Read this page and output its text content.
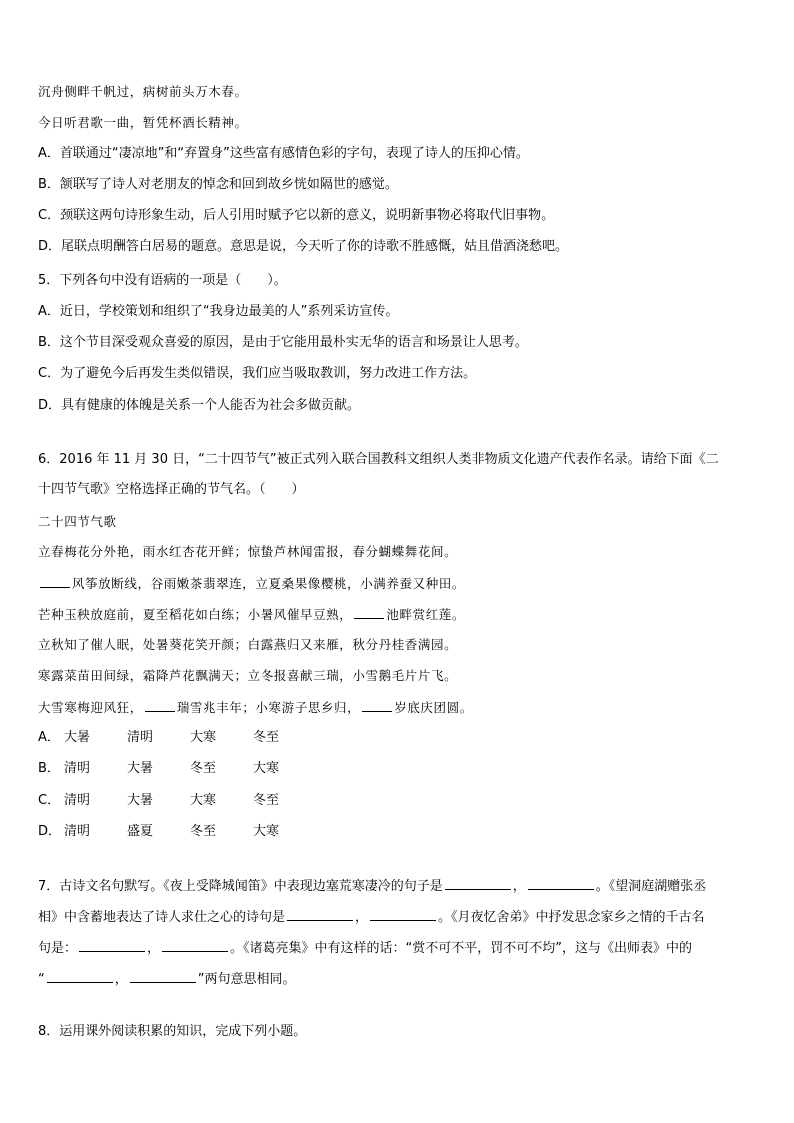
沉舟侧畔千帆过，病树前头万木春。

今日听君歌一曲，暂凭杯酒长精神。

A．首联通过“凄凉地”和“弃置身”这些富有感情色彩的字句，表现了诗人的压抑心情。

B．颔联写了诗人对老朋友的悼念和回到故乡恍如隔世的感觉。

C．颈联这两句诗形象生动，后人引用时赋予它以新的意义，说明新事物必将取代旧事物。

D．尾联点明酬答白居易的题意。意思是说，今天听了你的诗歌不胜感慨，姑且借酒浇愁吧。

5．下列各句中没有语病的一项是（　　）。

A．近日，学校策划和组织了“我身边最美的人”系列采访宣传。

B．这个节目深受观众喜爱的原因，是由于它能用最朴实无华的语言和场景让人思考。

C．为了避免今后再发生类似错误，我们应当吸取教训，努力改进工作方法。

D．具有健康的体魄是关系一个人能否为社会多做贡献。

6．2016 年 11 月 30 日，“二十四节气”被正式列入联合国教科文组织人类非物质文化遗产代表作名录。请给下面《二

十四节气歌》空格选择正确的节气名。（　　）

二十四节气歌

立春梅花分外艳，雨水红杏花开鲜；惊蛰芦林闻雷报，春分蝴蝶舞花间。

风筝放断线，谷雨嫩茶翡翠连，立夏桑果像樱桃，小满养蚕又种田。

芒种玉秧放庭前，夏至稻花如白练；小暑风催早豆熟，	池畔赏红莲。

立秋知了催人眠，处暑葵花笑开颜；白露燕归又来雁，秋分丹桂香满园。

寒露菜苗田间绿，霜降芦花飘满天；立冬报喜献三瑞，小雪鹅毛片片飞。

大雪寒梅迎风狂，	瑞雪兆丰年；小寒游子思乡归，	岁底庆团圆。

A． 大暑	清明	大寒	冬至
B． 清明	大暑	冬至	大寒
C． 清明	大暑	大寒	冬至
D． 清明	盛夏	冬至	大寒

7．古诗文名句默写。《夜上受降城闻笛》中表现边塞荒寒凄冷的句子是	，	。《望洞庭湖赠张丞

相》中含蓄地表达了诗人求仕之心的诗句是	，	。《月夜忆舍弟》中抒发思念家乡之情的千古名

句是：	，	。《诸葛亮集》中有这样的话：“赏不可不平，罚不可不均”，这与《出师表》中的

“	，	”两句意思相同。

8．运用课外阅读积累的知识，完成下列小题。
